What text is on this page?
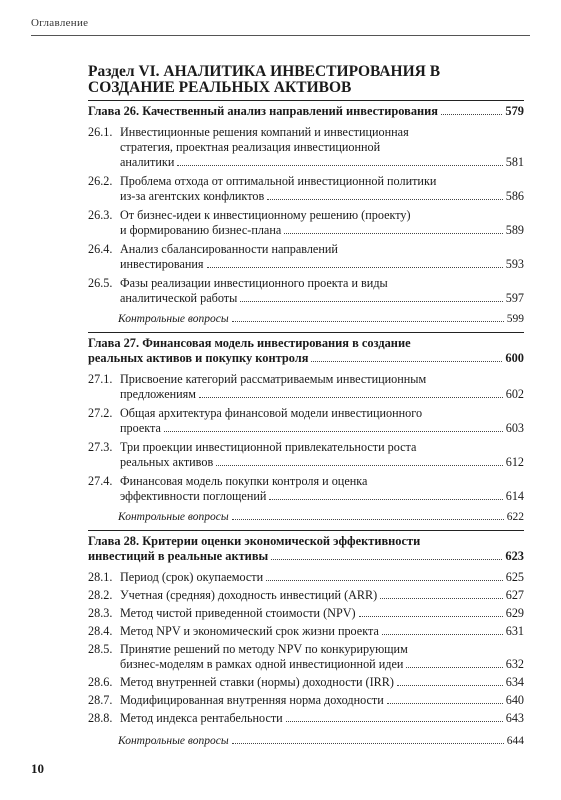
Оглавление
Раздел VI. АНАЛИТИКА ИНВЕСТИРОВАНИЯ В СОЗДАНИЕ РЕАЛЬНЫХ АКТИВОВ
Глава 26. Качественный анализ направлений инвестирования	579
26.1. Инвестиционные решения компаний и инвестиционная
стратегия, проектная реализация инвестиционной
аналитики	581
26.2. Проблема отхода от оптимальной инвестиционной политики
из-за агентских конфликтов	586
26.3. От бизнес-идеи к инвестиционному решению (проекту)
и формированию бизнес-плана	589
26.4. Анализ сбалансированности направлений
инвестирования	593
26.5. Фазы реализации инвестиционного проекта и виды
аналитической работы	597
Контрольные вопросы	599
Глава 27. Финансовая модель инвестирования в создание
реальных активов и покупку контроля	600
27.1. Присвоение категорий рассматриваемым инвестиционным
предложениям	602
27.2. Общая архитектура финансовой модели инвестиционного
проекта	603
27.3. Три проекции инвестиционной привлекательности роста
реальных активов	612
27.4. Финансовая модель покупки контроля и оценка
эффективности поглощений	614
Контрольные вопросы	622
Глава 28. Критерии оценки экономической эффективности
инвестиций в реальные активы	623
28.1. Период (срок) окупаемости	625
28.2. Учетная (средняя) доходность инвестиций (ARR)	627
28.3. Метод чистой приведенной стоимости (NPV)	629
28.4. Метод NPV и экономический срок жизни проекта	631
28.5. Принятие решений по методу NPV по конкурирующим
бизнес-моделям в рамках одной инвестиционной идеи	632
28.6. Метод внутренней ставки (нормы) доходности (IRR)	634
28.7. Модифицированная внутренняя норма доходности	640
28.8. Метод индекса рентабельности	643
Контрольные вопросы	644
10
